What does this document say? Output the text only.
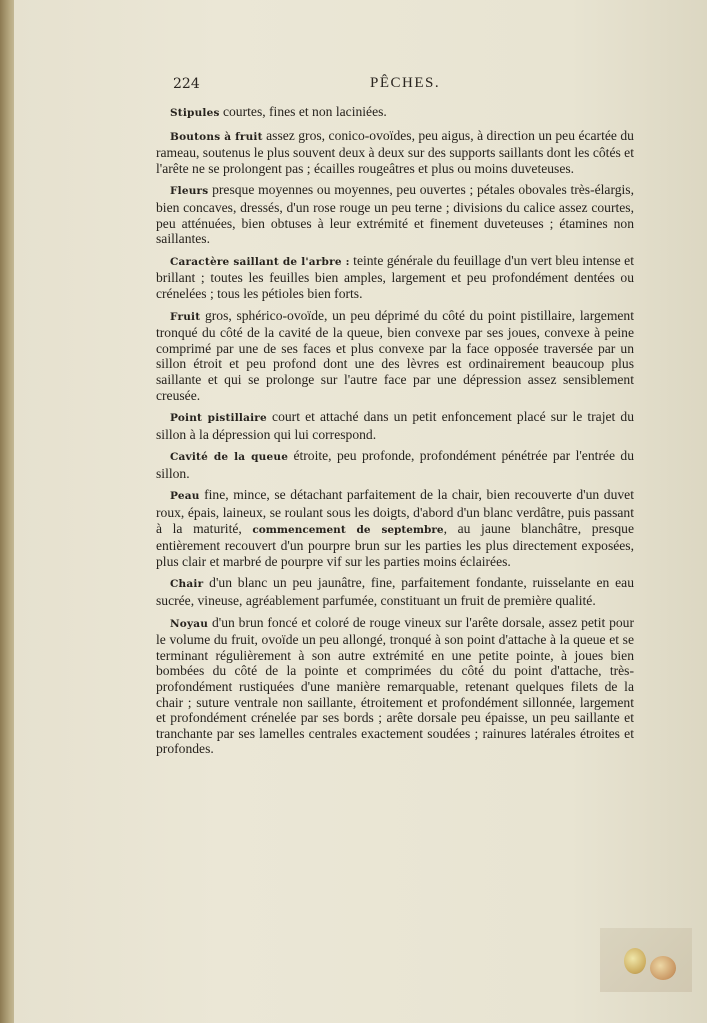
224	PÊCHES.

Stipules courtes, fines et non laciniées.

Boutons à fruit assez gros, conico-ovoïdes, peu aigus, à direction un peu écartée du rameau, soutenus le plus souvent deux à deux sur des supports saillants dont les côtés et l'arête ne se prolongent pas ; écailles rougeâtres et plus ou moins duveteuses.

Fleurs presque moyennes ou moyennes, peu ouvertes ; pétales obovales très-élargis, bien concaves, dressés, d'un rose rouge un peu terne ; divisions du calice assez courtes, peu atténuées, bien obtuses à leur extrémité et finement duveteuses ; étamines non saillantes.

Caractère saillant de l'arbre : teinte générale du feuillage d'un vert bleu intense et brillant ; toutes les feuilles bien amples, largement et peu profondément dentées ou crénelées ; tous les pétioles bien forts.

Fruit gros, sphérico-ovoïde, un peu déprimé du côté du point pistillaire, largement tronqué du côté de la cavité de la queue, bien convexe par ses joues, convexe à peine comprimé par une de ses faces et plus convexe par la face opposée traversée par un sillon étroit et peu profond dont une des lèvres est ordinairement beaucoup plus saillante et qui se prolonge sur l'autre face par une dépression assez sensiblement creusée.

Point pistillaire court et attaché dans un petit enfoncement placé sur le trajet du sillon à la dépression qui lui correspond.

Cavité de la queue étroite, peu profonde, profondément pénétrée par l'entrée du sillon.

Peau fine, mince, se détachant parfaitement de la chair, bien recouverte d'un duvet roux, épais, laineux, se roulant sous les doigts, d'abord d'un blanc verdâtre, puis passant à la maturité, commencement de septembre, au jaune blanchâtre, presque entièrement recouvert d'un pourpre brun sur les parties les plus directement exposées, plus clair et marbré de pourpre vif sur les parties moins éclairées.

Chair d'un blanc un peu jaunâtre, fine, parfaitement fondante, ruisselante en eau sucrée, vineuse, agréablement parfumée, constituant un fruit de première qualité.

Noyau d'un brun foncé et coloré de rouge vineux sur l'arête dorsale, assez petit pour le volume du fruit, ovoïde un peu allongé, tronqué à son point d'attache à la queue et se terminant régulièrement à son autre extrémité en une petite pointe, à joues bien bombées du côté de la pointe et comprimées du côté du point d'attache, très-profondément rustiquées d'une manière remarquable, retenant quelques filets de la chair ; suture ventrale non saillante, étroitement et profondément sillonnée, largement et profondément crénelée par ses bords ; arête dorsale peu épaisse, un peu saillante et tranchante par ses lamelles centrales exactement soudées ; rainures latérales étroites et profondes.
